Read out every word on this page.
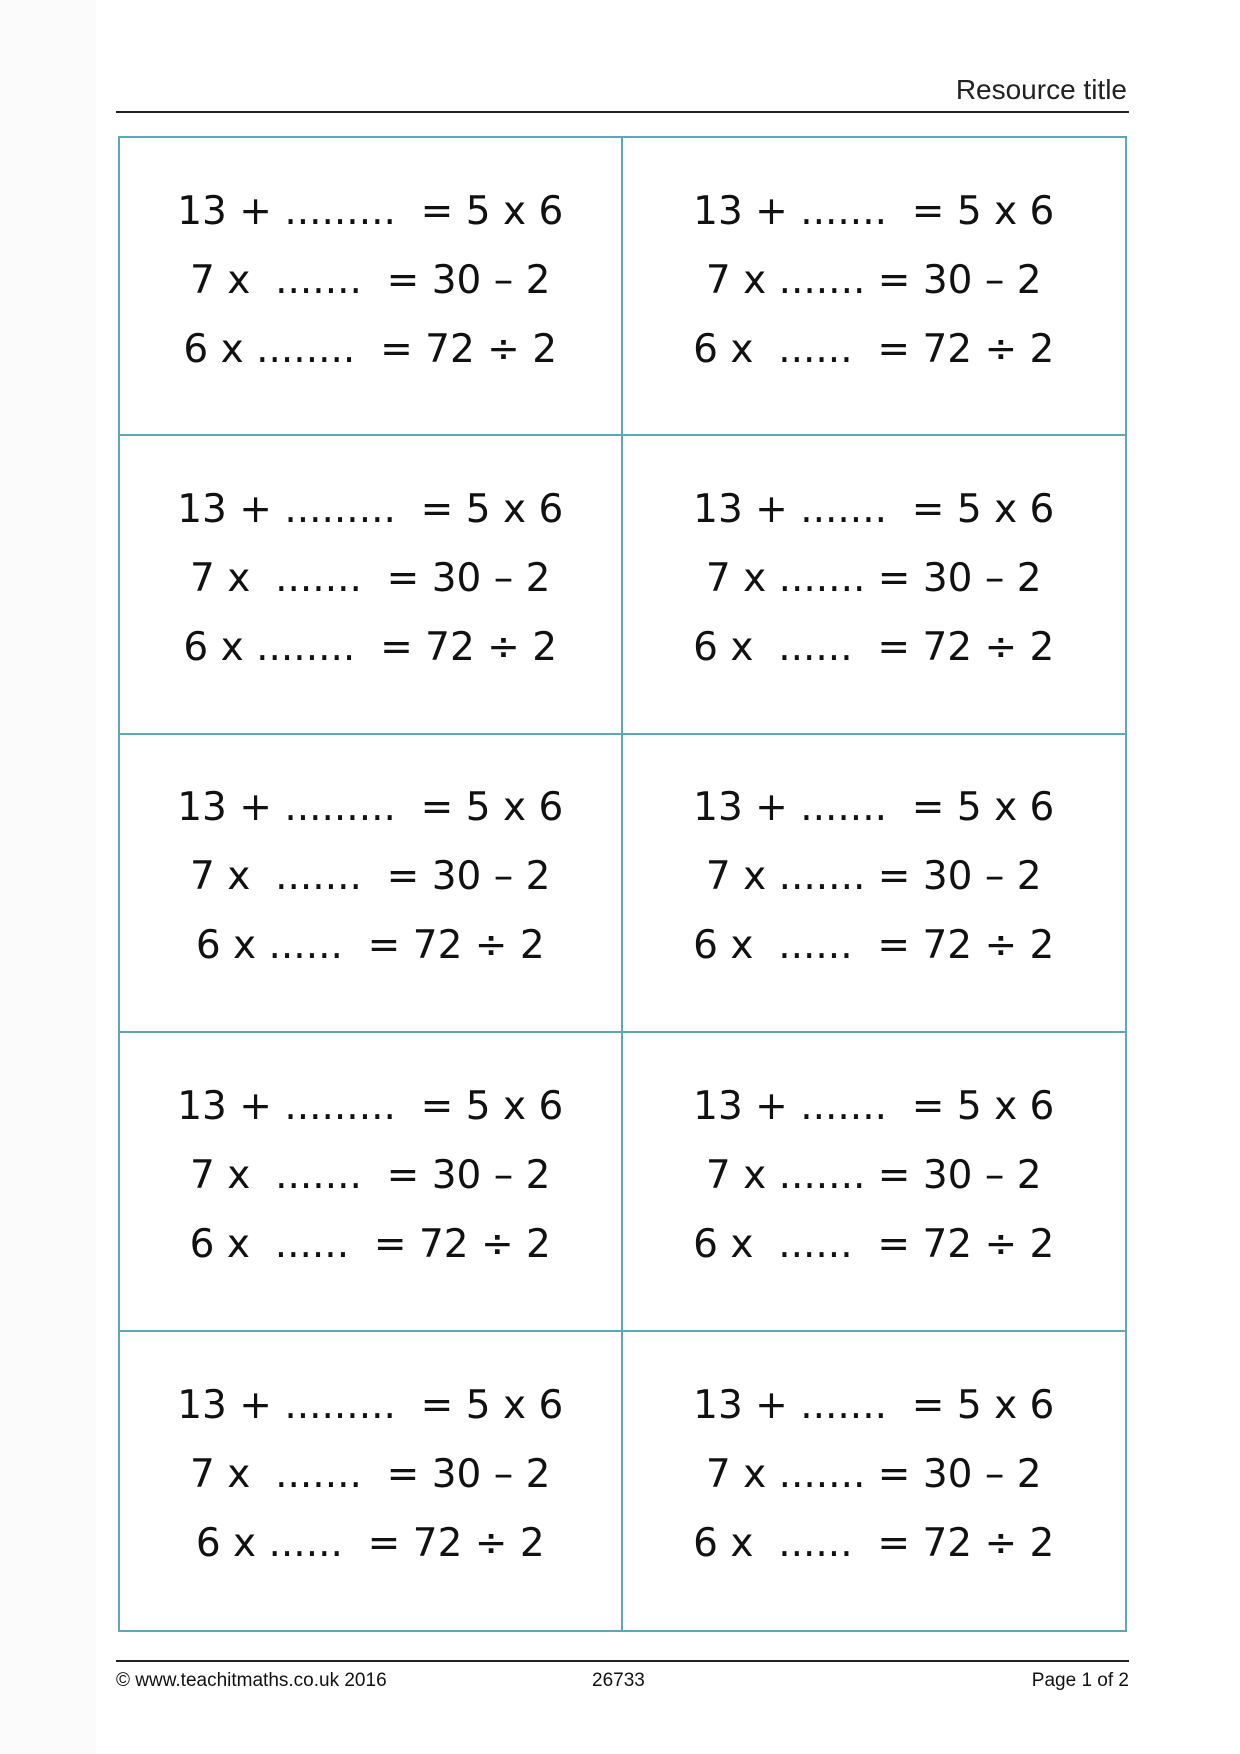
Resource title
13 + .........  = 5 x 6
7 x  .......  = 30 – 2
6 x ........  = 72 ÷ 2
13 + .......  = 5 x 6
7 x ....... = 30 – 2
6 x  ......  = 72 ÷ 2
13 + .........  = 5 x 6
7 x  .......  = 30 – 2
6 x ........  = 72 ÷ 2
13 + .......  = 5 x 6
7 x ....... = 30 – 2
6 x  ......  = 72 ÷ 2
13 + .........  = 5 x 6
7 x  .......  = 30 – 2
6 x ......  = 72 ÷ 2
13 + .......  = 5 x 6
7 x ....... = 30 – 2
6 x  ......  = 72 ÷ 2
13 + .........  = 5 x 6
7 x  .......  = 30 – 2
6 x  ......  = 72 ÷ 2
13 + .......  = 5 x 6
7 x ....... = 30 – 2
6 x  ......  = 72 ÷ 2
13 + .........  = 5 x 6
7 x  .......  = 30 – 2
6 x ......  = 72 ÷ 2
13 + .......  = 5 x 6
7 x ....... = 30 – 2
6 x  ......  = 72 ÷ 2
© www.teachitmaths.co.uk 2016	26733	Page 1 of 2
